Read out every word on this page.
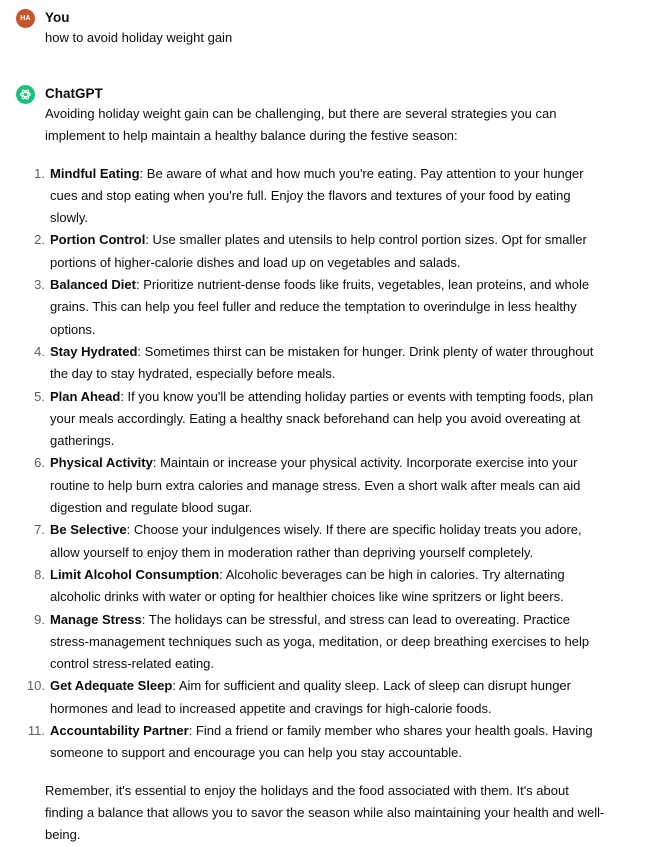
HA You
how to avoid holiday weight gain
ChatGPT

Avoiding holiday weight gain can be challenging, but there are several strategies you can implement to help maintain a healthy balance during the festive season:

1. Mindful Eating: Be aware of what and how much you're eating. Pay attention to your hunger cues and stop eating when you're full. Enjoy the flavors and textures of your food by eating slowly.
2. Portion Control: Use smaller plates and utensils to help control portion sizes. Opt for smaller portions of higher-calorie dishes and load up on vegetables and salads.
3. Balanced Diet: Prioritize nutrient-dense foods like fruits, vegetables, lean proteins, and whole grains. This can help you feel fuller and reduce the temptation to overindulge in less healthy options.
4. Stay Hydrated: Sometimes thirst can be mistaken for hunger. Drink plenty of water throughout the day to stay hydrated, especially before meals.
5. Plan Ahead: If you know you'll be attending holiday parties or events with tempting foods, plan your meals accordingly. Eating a healthy snack beforehand can help you avoid overeating at gatherings.
6. Physical Activity: Maintain or increase your physical activity. Incorporate exercise into your routine to help burn extra calories and manage stress. Even a short walk after meals can aid digestion and regulate blood sugar.
7. Be Selective: Choose your indulgences wisely. If there are specific holiday treats you adore, allow yourself to enjoy them in moderation rather than depriving yourself completely.
8. Limit Alcohol Consumption: Alcoholic beverages can be high in calories. Try alternating alcoholic drinks with water or opting for healthier choices like wine spritzers or light beers.
9. Manage Stress: The holidays can be stressful, and stress can lead to overeating. Practice stress-management techniques such as yoga, meditation, or deep breathing exercises to help control stress-related eating.
10. Get Adequate Sleep: Aim for sufficient and quality sleep. Lack of sleep can disrupt hunger hormones and lead to increased appetite and cravings for high-calorie foods.
11. Accountability Partner: Find a friend or family member who shares your health goals. Having someone to support and encourage you can help you stay accountable.

Remember, it's essential to enjoy the holidays and the food associated with them. It's about finding a balance that allows you to savor the season while also maintaining your health and well-being.
